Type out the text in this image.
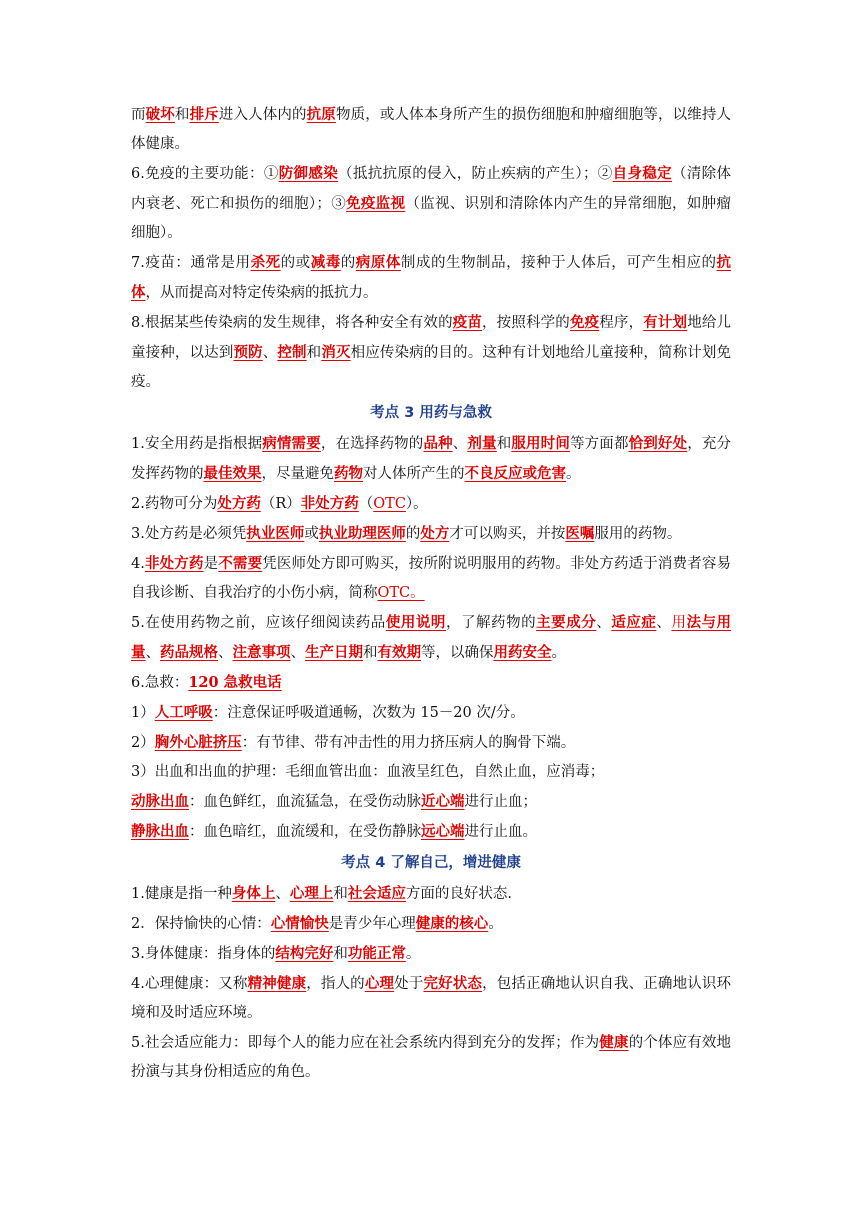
而破坏和排斥进入人体内的抗原物质，或人体本身所产生的损伤细胞和肿瘤细胞等，以维持人体健康。

6.免疫的主要功能：①防御感染（抵抗抗原的侵入，防止疾病的产生）；②自身稳定（清除体内衰老、死亡和损伤的细胞）；③免疫监视（监视、识别和清除体内产生的异常细胞，如肿瘤细胞）。

7.疫苗：通常是用杀死的或减毒的病原体制成的生物制品，接种于人体后，可产生相应的抗体，从而提高对特定传染病的抵抗力。

8.根据某些传染病的发生规律，将各种安全有效的疫苗，按照科学的免疫程序，有计划地给儿童接种，以达到预防、控制和消灭相应传染病的目的。这种有计划地给儿童接种，简称计划免疫。

考点 3 用药与急救

1.安全用药是指根据病情需要，在选择药物的品种、剂量和服用时间等方面都恰到好处，充分发挥药物的最佳效果，尽量避免药物对人体所产生的不良反应或危害。

2.药物可分为处方药（R）非处方药（OTC）。

3.处方药是必须凭执业医师或执业助理医师的处方才可以购买，并按医嘱服用的药物。

4.非处方药是不需要凭医师处方即可购买，按所附说明服用的药物。非处方药适于消费者容易自我诊断、自我治疗的小伤小病，简称OTC。

5.在使用药物之前，应该仔细阅读药品使用说明，了解药物的主要成分、适应症、用法与用量、药品规格、注意事项、生产日期和有效期等，以确保用药安全。

6.急救：120 急救电话

1）人工呼吸：注意保证呼吸道通畅，次数为 15－20 次/分。

2）胸外心脏挤压：有节律、带有冲击性的用力挤压病人的胸骨下端。

3）出血和出血的护理：毛细血管出血：血液呈红色，自然止血，应消毒；

动脉出血：血色鲜红，血流猛急，在受伤动脉近心端进行止血；

静脉出血：血色暗红，血流缓和，在受伤静脉远心端进行止血。

考点 4 了解自己，增进健康

1.健康是指一种身体上、心理上和社会适应方面的良好状态.

2．保持愉快的心情：心情愉快是青少年心理健康的核心。

3.身体健康：指身体的结构完好和功能正常。

4.心理健康：又称精神健康，指人的心理处于完好状态，包括正确地认识自我、正确地认识环境和及时适应环境。

5.社会适应能力：即每个人的能力应在社会系统内得到充分的发挥；作为健康的个体应有效地扮演与其身份相适应的角色。
